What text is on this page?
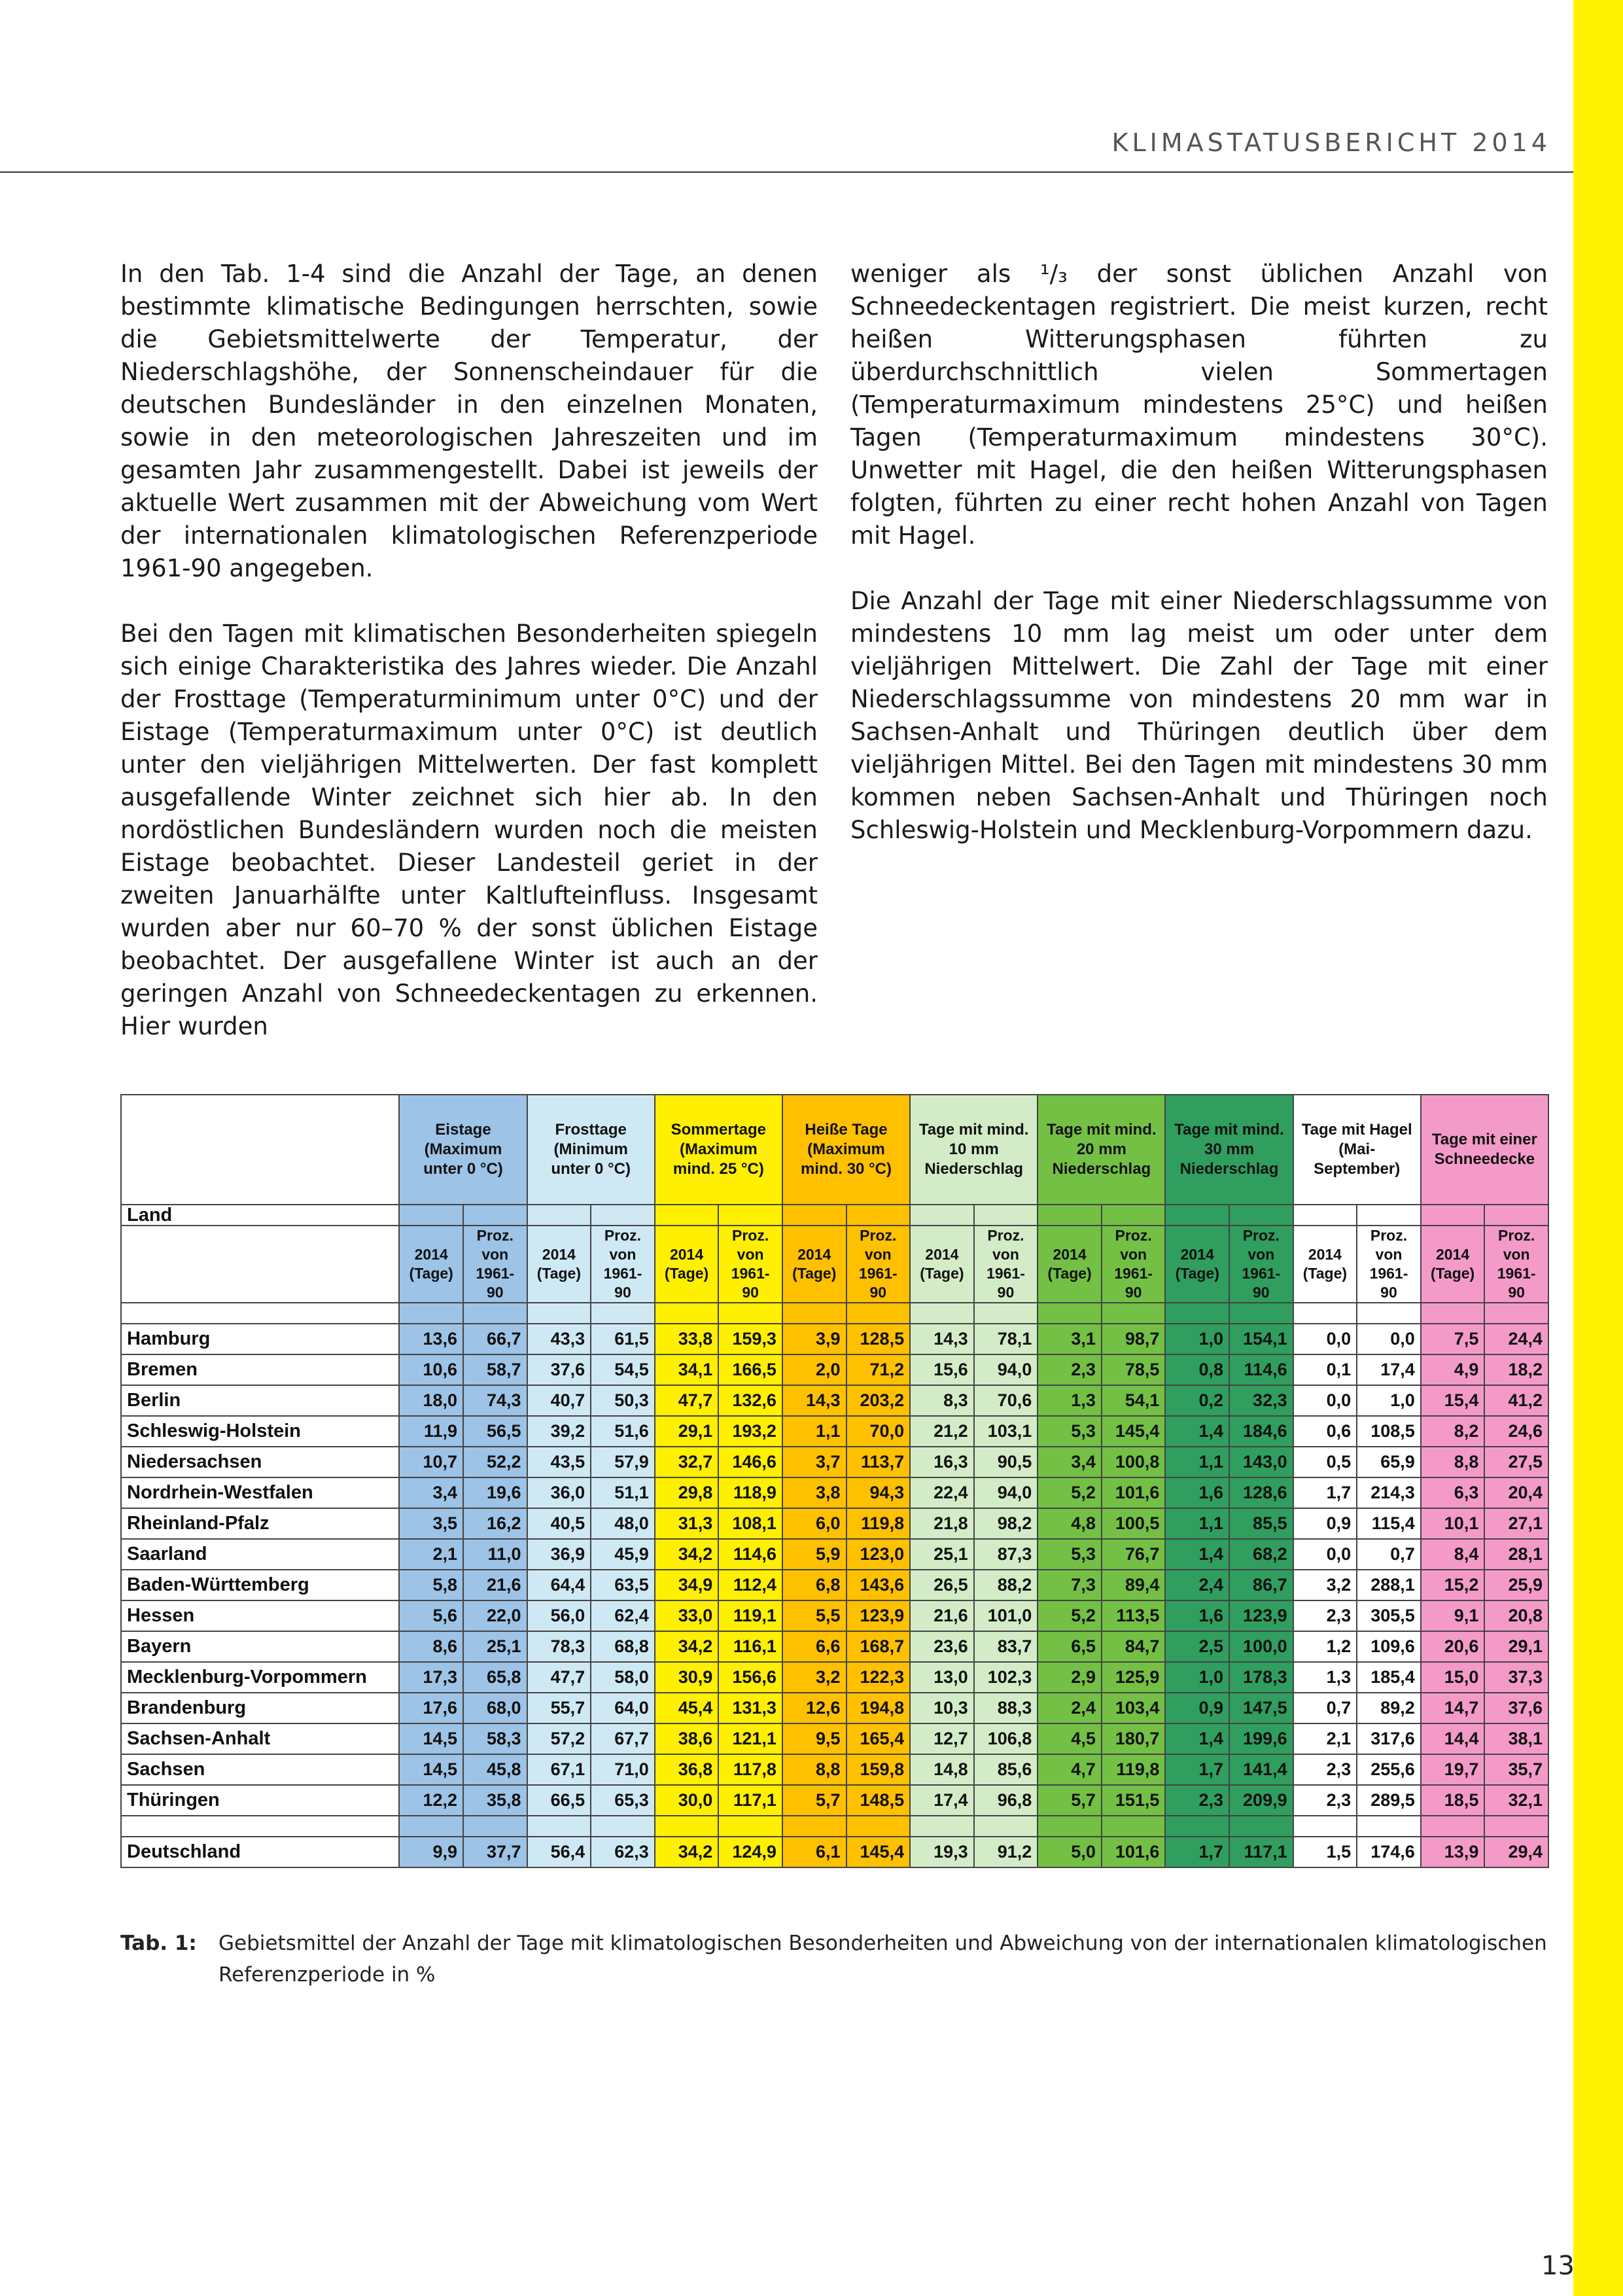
KLIMASTATUSBERICHT 2014

In den Tab. 1-4 sind die Anzahl der Tage, an denen bestimmte klimatische Bedingungen herrschten, sowie die Gebietsmittelwerte der Temperatur, der Niederschlagshöhe, der Sonnenscheindauer für die deutschen Bundesländer in den einzelnen Monaten, sowie in den meteorologischen Jahreszeiten und im gesamten Jahr zusammengestellt. Dabei ist jeweils der aktuelle Wert zusammen mit der Abweichung vom Wert der internationalen klimatologischen Referenzperiode 1961-90 angegeben.

Bei den Tagen mit klimatischen Besonderheiten spiegeln sich einige Charakteristika des Jahres wieder. Die Anzahl der Frosttage (Temperaturminimum unter 0°C) und der Eistage (Temperaturmaximum unter 0°C) ist deutlich unter den vieljährigen Mittelwerten. Der fast komplett ausgefallende Winter zeichnet sich hier ab. In den nordöstlichen Bundesländern wurden noch die meisten Eistage beobachtet. Dieser Landesteil geriet in der zweiten Januarhälfte unter Kaltlufteinfluss. Insgesamt wurden aber nur 60–70 % der sonst üblichen Eistage beobachtet. Der ausgefallene Winter ist auch an der geringen Anzahl von Schneedeckentagen zu erkennen. Hier wurden

weniger als ¹/₃ der sonst üblichen Anzahl von Schneedeckentagen registriert. Die meist kurzen, recht heißen Witterungsphasen führten zu überdurchschnittlich vielen Sommertagen (Temperaturmaximum mindestens 25°C) und heißen Tagen (Temperaturmaximum mindestens 30°C). Unwetter mit Hagel, die den heißen Witterungsphasen folgten, führten zu einer recht hohen Anzahl von Tagen mit Hagel.

Die Anzahl der Tage mit einer Niederschlagssumme von mindestens 10 mm lag meist um oder unter dem vieljährigen Mittelwert. Die Zahl der Tage mit einer Niederschlagssumme von mindestens 20 mm war in Sachsen-Anhalt und Thüringen deutlich über dem vieljährigen Mittel. Bei den Tagen mit mindestens 30 mm kommen neben Sachsen-Anhalt und Thüringen noch Schleswig-Holstein und Mecklenburg-Vorpommern dazu.

	Eistage
(Maximum
unter 0 °C)		Frosttage
(Minimum
unter 0 °C)		Sommertage
(Maximum
mind. 25 °C)		Heiße Tage
(Maximum
mind. 30 °C)		Tage mit mind.
10 mm
Niederschlag		Tage mit mind.
20 mm
Niederschlag		Tage mit mind.
30 mm
Niederschlag		Tage mit Hagel
(Mai-September)		Tage mit einer
Schneedecke	
Land																		
	2014
(Tage)	Proz.
von
1961-90	2014
(Tage)	Proz.
von
1961-90	2014
(Tage)	Proz.
von
1961-90	2014
(Tage)	Proz.
von
1961-90	2014
(Tage)	Proz.
von
1961-90	2014
(Tage)	Proz.
von
1961-90	2014
(Tage)	Proz.
von
1961-90	2014
(Tage)	Proz.
von
1961-90	2014
(Tage)	Proz.
von
1961-90

Hamburg	13,6	66,7	43,3	61,5	33,8	159,3	3,9	128,5	14,3	78,1	3,1	98,7	1,0	154,1	0,0	0,0	7,5	24,4
Bremen	10,6	58,7	37,6	54,5	34,1	166,5	2,0	71,2	15,6	94,0	2,3	78,5	0,8	114,6	0,1	17,4	4,9	18,2
Berlin	18,0	74,3	40,7	50,3	47,7	132,6	14,3	203,2	8,3	70,6	1,3	54,1	0,2	32,3	0,0	1,0	15,4	41,2
Schleswig-Holstein	11,9	56,5	39,2	51,6	29,1	193,2	1,1	70,0	21,2	103,1	5,3	145,4	1,4	184,6	0,6	108,5	8,2	24,6
Niedersachsen	10,7	52,2	43,5	57,9	32,7	146,6	3,7	113,7	16,3	90,5	3,4	100,8	1,1	143,0	0,5	65,9	8,8	27,5
Nordrhein-Westfalen	3,4	19,6	36,0	51,1	29,8	118,9	3,8	94,3	22,4	94,0	5,2	101,6	1,6	128,6	1,7	214,3	6,3	20,4
Rheinland-Pfalz	3,5	16,2	40,5	48,0	31,3	108,1	6,0	119,8	21,8	98,2	4,8	100,5	1,1	85,5	0,9	115,4	10,1	27,1
Saarland	2,1	11,0	36,9	45,9	34,2	114,6	5,9	123,0	25,1	87,3	5,3	76,7	1,4	68,2	0,0	0,7	8,4	28,1
Baden-Württemberg	5,8	21,6	64,4	63,5	34,9	112,4	6,8	143,6	26,5	88,2	7,3	89,4	2,4	86,7	3,2	288,1	15,2	25,9
Hessen	5,6	22,0	56,0	62,4	33,0	119,1	5,5	123,9	21,6	101,0	5,2	113,5	1,6	123,9	2,3	305,5	9,1	20,8
Bayern	8,6	25,1	78,3	68,8	34,2	116,1	6,6	168,7	23,6	83,7	6,5	84,7	2,5	100,0	1,2	109,6	20,6	29,1
Mecklenburg-Vorpommern	17,3	65,8	47,7	58,0	30,9	156,6	3,2	122,3	13,0	102,3	2,9	125,9	1,0	178,3	1,3	185,4	15,0	37,3
Brandenburg	17,6	68,0	55,7	64,0	45,4	131,3	12,6	194,8	10,3	88,3	2,4	103,4	0,9	147,5	0,7	89,2	14,7	37,6
Sachsen-Anhalt	14,5	58,3	57,2	67,7	38,6	121,1	9,5	165,4	12,7	106,8	4,5	180,7	1,4	199,6	2,1	317,6	14,4	38,1
Sachsen	14,5	45,8	67,1	71,0	36,8	117,8	8,8	159,8	14,8	85,6	4,7	119,8	1,7	141,4	2,3	255,6	19,7	35,7
Thüringen	12,2	35,8	66,5	65,3	30,0	117,1	5,7	148,5	17,4	96,8	5,7	151,5	2,3	209,9	2,3	289,5	18,5	32,1

Deutschland	9,9	37,7	56,4	62,3	34,2	124,9	6,1	145,4	19,3	91,2	5,0	101,6	1,7	117,1	1,5	174,6	13,9	29,4
Tab. 1: Gebietsmittel der Anzahl der Tage mit klimatologischen Besonderheiten und Abweichung von der internationalen klimatologischen Referenzperiode in %
13
